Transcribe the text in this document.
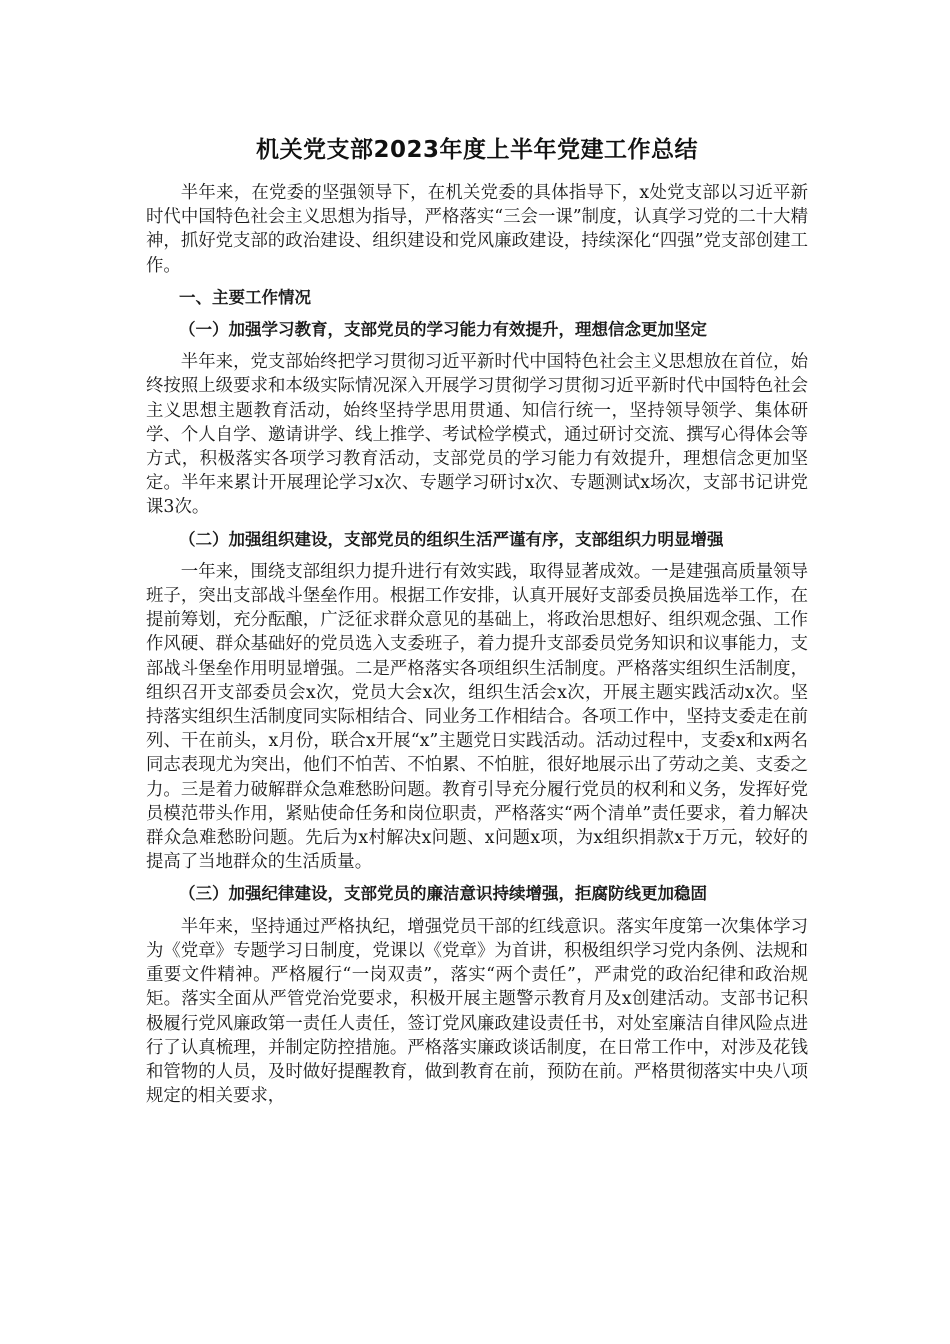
机关党支部2023年度上半年党建工作总结

半年来，在党委的坚强领导下，在机关党委的具体指导下，x处党支部以习近平新时代中国特色社会主义思想为指导，严格落实“三会一课”制度，认真学习党的二十大精神，抓好党支部的政治建设、组织建设和党风廉政建设，持续深化“四强”党支部创建工作。

一、主要工作情况

（一）加强学习教育，支部党员的学习能力有效提升，理想信念更加坚定

半年来，党支部始终把学习贯彻习近平新时代中国特色社会主义思想放在首位，始终按照上级要求和本级实际情况深入开展学习贯彻学习贯彻习近平新时代中国特色社会主义思想主题教育活动，始终坚持学思用贯通、知信行统一，坚持领导领学、集体研学、个人自学、邀请讲学、线上推学、考试检学模式，通过研讨交流、撰写心得体会等方式，积极落实各项学习教育活动，支部党员的学习能力有效提升，理想信念更加坚定。半年来累计开展理论学习x次、专题学习研讨x次、专题测试x场次，支部书记讲党课3次。

（二）加强组织建设，支部党员的组织生活严谨有序，支部组织力明显增强

一年来，围绕支部组织力提升进行有效实践，取得显著成效。一是建强高质量领导班子，突出支部战斗堡垒作用。根据工作安排，认真开展好支部委员换届选举工作，在提前筹划，充分酝酿，广泛征求群众意见的基础上，将政治思想好、组织观念强、工作作风硬、群众基础好的党员选入支委班子，着力提升支部委员党务知识和议事能力，支部战斗堡垒作用明显增强。二是严格落实各项组织生活制度。严格落实组织生活制度，组织召开支部委员会x次，党员大会x次，组织生活会x次，开展主题实践活动x次。坚持落实组织生活制度同实际相结合、同业务工作相结合。各项工作中，坚持支委走在前列、干在前头，x月份，联合x开展“x”主题党日实践活动。活动过程中，支委x和x两名同志表现尤为突出，他们不怕苦、不怕累、不怕脏，很好地展示出了劳动之美、支委之力。三是着力破解群众急难愁盼问题。教育引导充分履行党员的权利和义务，发挥好党员模范带头作用，紧贴使命任务和岗位职责，严格落实“两个清单”责任要求，着力解决群众急难愁盼问题。先后为x村解决x问题、x问题x项，为x组织捐款x于万元，较好的提高了当地群众的生活质量。

（三）加强纪律建设，支部党员的廉洁意识持续增强，拒腐防线更加稳固

半年来，坚持通过严格执纪，增强党员干部的红线意识。落实年度第一次集体学习为《党章》专题学习日制度，党课以《党章》为首讲，积极组织学习党内条例、法规和重要文件精神。严格履行“一岗双责”，落实“两个责任”，严肃党的政治纪律和政治规矩。落实全面从严管党治党要求，积极开展主题警示教育月及x创建活动。支部书记积极履行党风廉政第一责任人责任，签订党风廉政建设责任书，对处室廉洁自律风险点进行了认真梳理，并制定防控措施。严格落实廉政谈话制度，在日常工作中，对涉及花钱和管物的人员，及时做好提醒教育，做到教育在前，预防在前。严格贯彻落实中央八项规定的相关要求，
